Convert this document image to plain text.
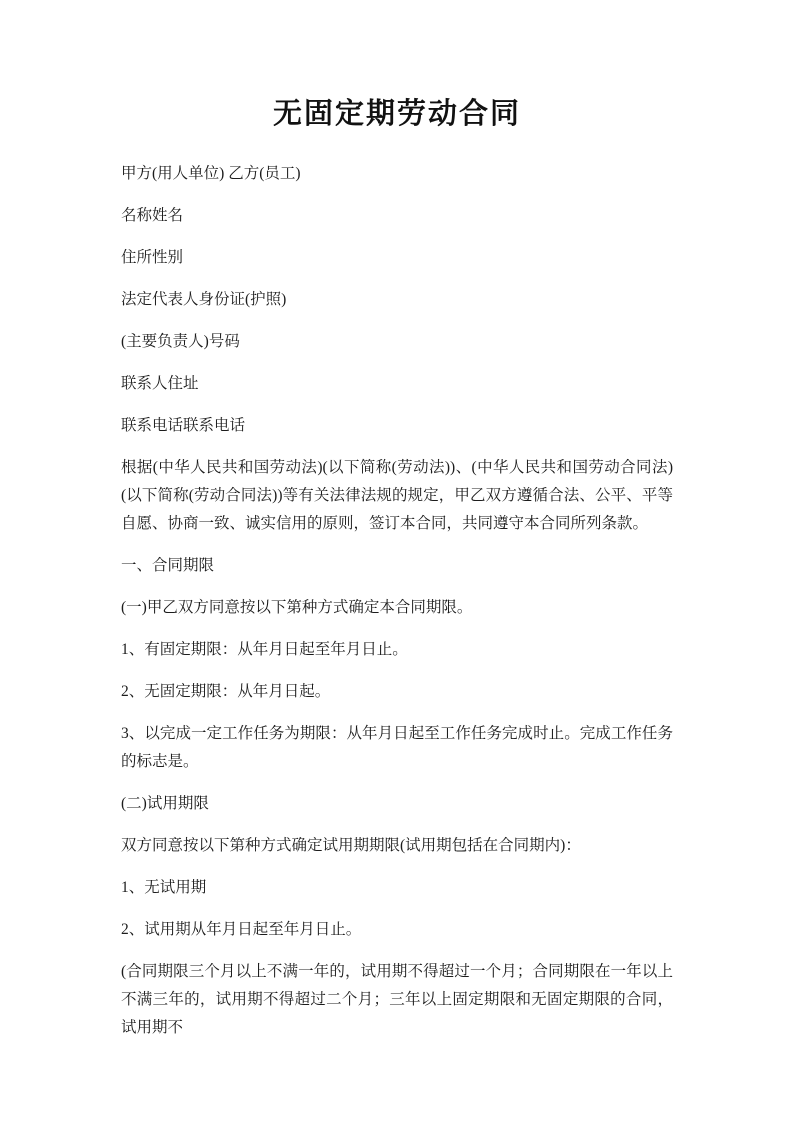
无固定期劳动合同

甲方(用人单位) 乙方(员工)

名称姓名

住所性别

法定代表人身份证(护照)

(主要负责人)号码

联系人住址

联系电话联系电话

根据(中华人民共和国劳动法)(以下简称(劳动法))、(中华人民共和国劳动合同法)(以下简称(劳动合同法))等有关法律法规的规定，甲乙双方遵循合法、公平、平等自愿、协商一致、诚实信用的原则，签订本合同，共同遵守本合同所列条款。

一、合同期限

(一)甲乙双方同意按以下第种方式确定本合同期限。

1、有固定期限：从年月日起至年月日止。

2、无固定期限：从年月日起。

3、以完成一定工作任务为期限：从年月日起至工作任务完成时止。完成工作任务的标志是。

(二)试用期限

双方同意按以下第种方式确定试用期期限(试用期包括在合同期内)：

1、无试用期

2、试用期从年月日起至年月日止。

(合同期限三个月以上不满一年的，试用期不得超过一个月；合同期限在一年以上不满三年的，试用期不得超过二个月；三年以上固定期限和无固定期限的合同，试用期不
